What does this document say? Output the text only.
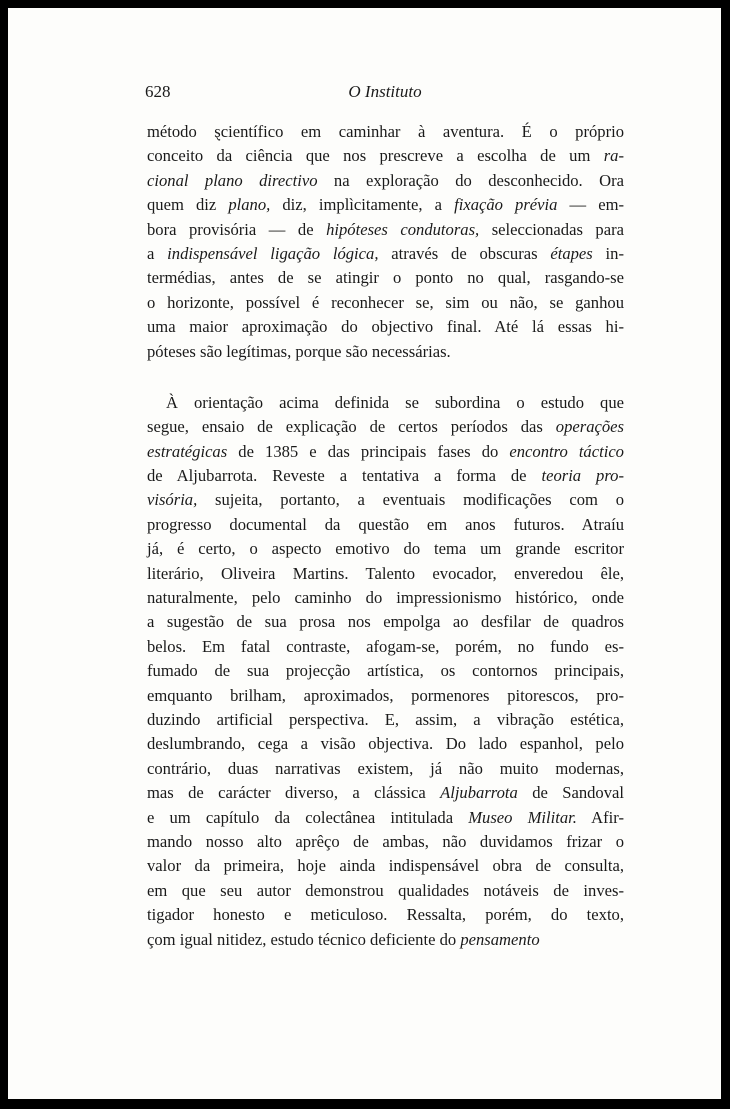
628	O Instituto
método ȿcientífico em caminhar à aventura. É o próprio
conceito da ciência que nos prescreve a escolha de um ra-
cional plano directivo na exploração do desconhecido. Ora
quem diz plano, diz, implìcitamente, a fixação prévia — em-
bora provisória — de hipóteses condutoras, seleccionadas para
a indispensável ligação lógica, através de obscuras étapes in-
termédias, antes de se atingir o ponto no qual, rasgando-se
o horizonte, possível é reconhecer se, sim ou não, se ganhou
uma maior aproximação do objectivo final. Até lá essas hi-
póteses são legítimas, porque são necessárias.
À orientação acima definida se subordina o estudo que
segue, ensaio de explicação de certos períodos das operações
estratégicas de 1385 e das principais fases do encontro táctico
de Aljubarrota. Reveste a tentativa a forma de teoria pro-
visória, sujeita, portanto, a eventuais modificações com o
progresso documental da questão em anos futuros. Atraíu
já, é certo, o aspecto emotivo do tema um grande escritor
literário, Oliveira Martins. Talento evocador, enveredou êle,
naturalmente, pelo caminho do impressionismo histórico, onde
a sugestão de sua prosa nos empolga ao desfilar de quadros
belos. Em fatal contraste, afogam-se, porém, no fundo es-
fumado de sua projecção artística, os contornos principais,
emquanto brilham, aproximados, pormenores pitorescos, pro-
duzindo artificial perspectiva. E, assim, a vibração estética,
deslumbrando, cega a visão objectiva. Do lado espanhol, pelo
contrário, duas narrativas existem, já não muito modernas,
mas de carácter diverso, a clássica Aljubarrota de Sandoval
e um capítulo da colectânea intitulada Museo Militar. Afir-
mando nosso alto aprêço de ambas, não duvidamos frizar o
valor da primeira, hoje ainda indispensável obra de consulta,
em que seu autor demonstrou qualidades notáveis de inves-
tigador honesto e meticuloso. Ressalta, porém, do texto,
çom igual nitidez, estudo técnico deficiente do pensamento
